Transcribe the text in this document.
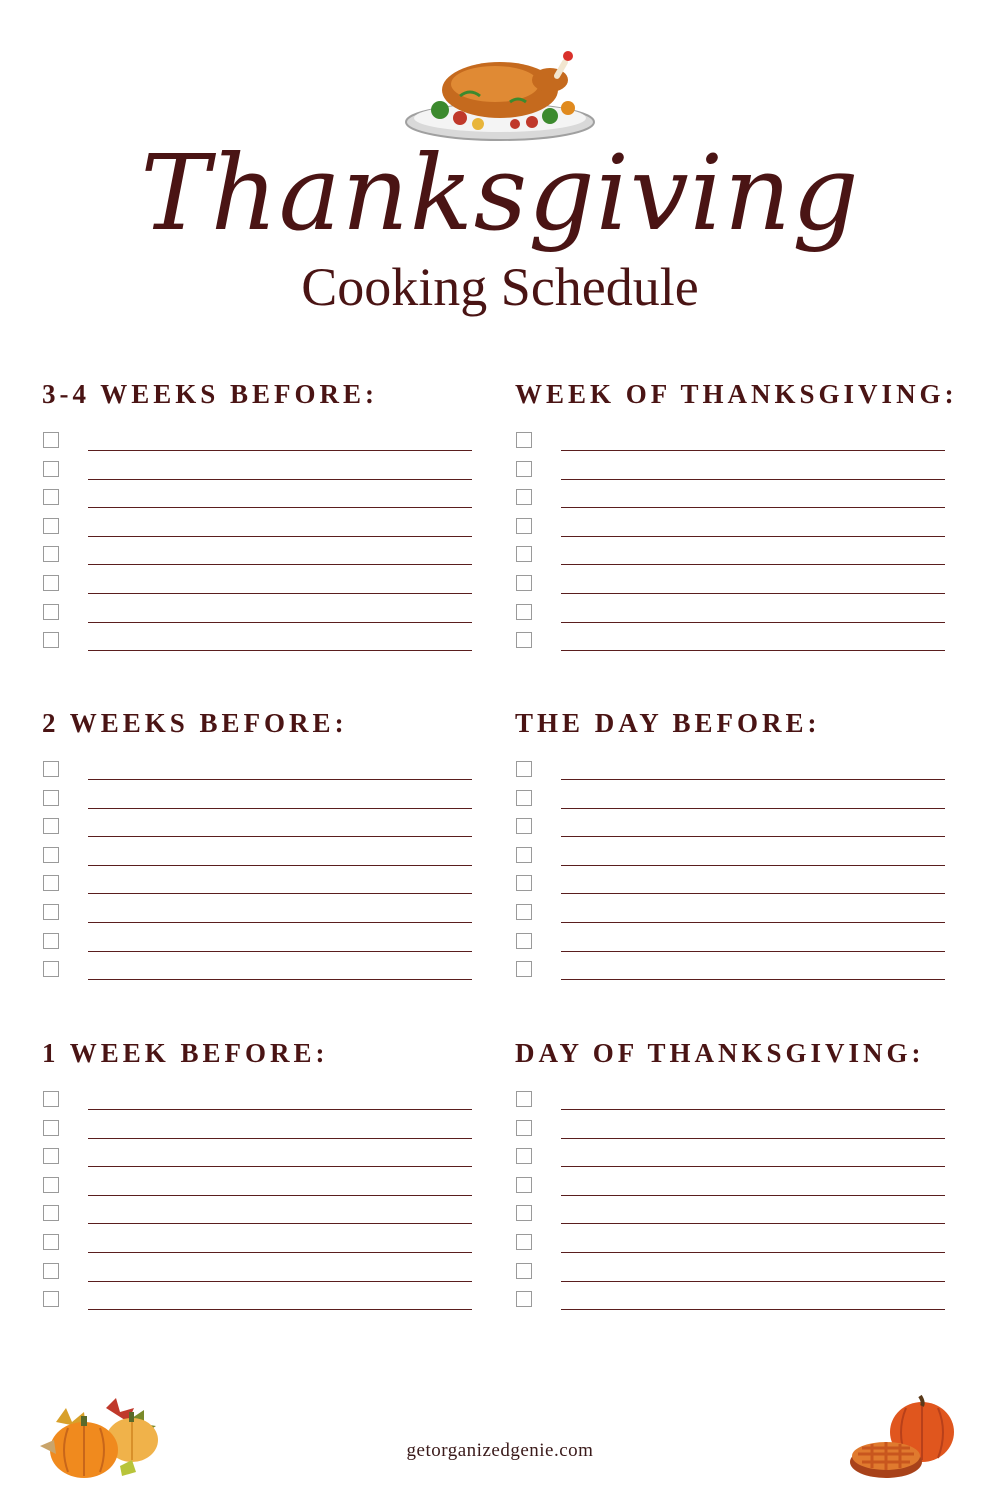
Thanksgiving
Cooking Schedule
3-4 WEEKS BEFORE:	WEEK OF THANKSGIVING:
2 WEEKS BEFORE:	THE DAY BEFORE:
1 WEEK BEFORE:	DAY OF THANKSGIVING:
getorganizedgenie.com
